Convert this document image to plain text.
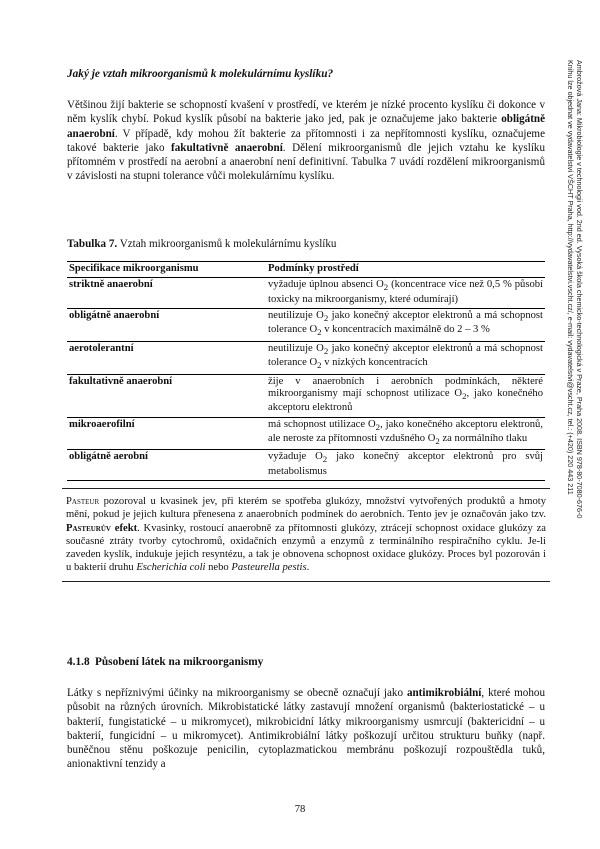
Jaký je vztah mikroorganismů k molekulárnímu kyslíku?

Většinou žijí bakterie se schopností kvašení v prostředí, ve kterém je nízké procento kyslíku či dokonce v něm kyslík chybí. Pokud kyslík působí na bakterie jako jed, pak je označujeme jako bakterie obligátně anaerobní. V případě, kdy mohou žít bakterie za přítomnosti i za nepřítomnosti kyslíku, označujeme takové bakterie jako fakultativně anaerobní. Dělení mikroorganismů dle jejich vztahu ke kyslíku přítomném v prostředí na aerobní a anaerobní není definitivní. Tabulka 7 uvádí rozdělení mikroorganismů v závislosti na stupni tolerance vůči molekulárnímu kyslíku.

Tabulka 7. Vztah mikroorganismů k molekulárnímu kyslíku

Specifikace mikroorganismu	Podmínky prostředí
striktně anaerobní	vyžaduje úplnou absenci $O_2$ (koncentrace více než 0,5 % působí toxicky na mikroorganismy, které odumírají)
obligátně anaerobní	neutilizuje $O_2$ jako konečný akceptor elektronů a má schopnost tolerance $O_2$ v koncentracích maximálně do 2 – 3 %
aerotolerantní	neutilizuje $O_2$ jako konečný akceptor elektronů a má schopnost tolerance $O_2$ v nízkých koncentracích
fakultativně anaerobní	žije v anaerobních i aerobních podmínkách, některé mikroorganismy mají schopnost utilizace $O_2$, jako konečného akceptoru elektronů
mikroaerofilní	má schopnost utilizace $O_2$, jako konečného akceptoru elektronů, ale neroste za přítomnosti vzdušného $O_2$ za normálního tlaku
obligátně aerobní	vyžaduje $O_2$ jako konečný akceptor elektronů pro svůj metabolismus
Pasteur pozoroval u kvasinek jev, při kterém se spotřeba glukózy, množství vytvořených produktů a hmoty mění, pokud je jejich kultura přenesena z anaerobních podmínek do aerobních. Tento jev je označován jako tzv. Pasteurův efekt. Kvasinky, rostoucí anaerobně za přítomnosti glukózy, ztrácejí schopnost oxidace glukózy za současné ztráty tvorby cytochromů, oxidačních enzymů a enzymů z terminálního respiračního cyklu. Je-li zaveden kyslík, indukuje jejich resyntézu, a tak je obnovena schopnost oxidace glukózy. Proces byl pozorován i u bakterií druhu Escherichia coli nebo Pasteurella pestis.

4.1.8 Působení látek na mikroorganismy

Látky s nepříznivými účinky na mikroorganismy se obecně označují jako antimikrobiální, které mohou působit na různých úrovních. Mikrobistatické látky zastavují množení organismů (bakteriostatické – u bakterií, fungistatické – u mikromycet), mikrobicidní látky mikroorganismy usmrcují (baktericidní – u bakterií, fungicidní – u mikromycet). Antimikrobiální látky poškozují určitou strukturu buňky (např. buněčnou stěnu poškozuje penicilin, cytoplazmatickou membránu poškozují rozpouštědla tuků, anionaktivní tenzidy a

78
Ambrožová Jana: Mikrobiologie v technologii vod. 2nd ed. Vysoká škola chemicko-technologická v Praze, Praha 2008. ISBN 978-80-7080-676-0
Knihu lze objednat ve vydavatelství VŠCHT Praha, http://vydavatelstvi.vscht.cz/, e-mail: vydavatelstvi@vscht.cz, tel.: (+420) 220 443 211
